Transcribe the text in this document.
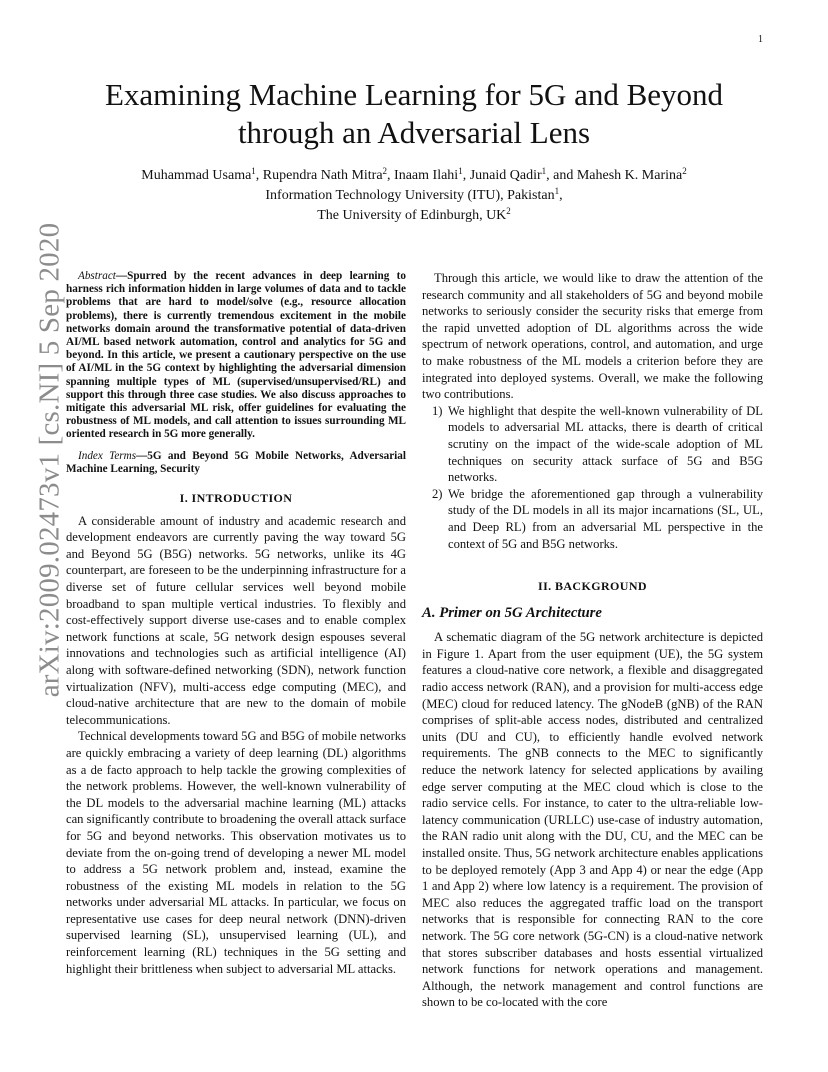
1
arXiv:2009.02473v1 [cs.NI] 5 Sep 2020
Examining Machine Learning for 5G and Beyond
through an Adversarial Lens
Muhammad Usama$^1$, Rupendra Nath Mitra$^2$, Inaam Ilahi$^1$, Junaid Qadir$^1$, and Mahesh K. Marina$^2$
Information Technology University (ITU), Pakistan$^1$,
The University of Edinburgh, $UK^2$

Abstract—Spurred by the recent advances in deep learning to harness rich information hidden in large volumes of data and to tackle problems that are hard to model/solve (e.g., resource allocation problems), there is currently tremendous excitement in the mobile networks domain around the transformative potential of data-driven AI/ML based network automation, control and analytics for 5G and beyond. In this article, we present a cautionary perspective on the use of AI/ML in the 5G context by highlighting the adversarial dimension spanning multiple types of ML (supervised/unsupervised/RL) and support this through three case studies. We also discuss approaches to mitigate this adversarial ML risk, offer guidelines for evaluating the robustness of ML models, and call attention to issues surrounding ML oriented research in 5G more generally.

Index Terms—5G and Beyond 5G Mobile Networks, Adversarial Machine Learning, Security

I. INTRODUCTION

A considerable amount of industry and academic research and development endeavors are currently paving the way toward 5G and Beyond 5G (B5G) networks. 5G networks, unlike its 4G counterpart, are foreseen to be the underpinning infrastructure for a diverse set of future cellular services well beyond mobile broadband to span multiple vertical industries. To flexibly and cost-effectively support diverse use-cases and to enable complex network functions at scale, 5G network design espouses several innovations and technologies such as artificial intelligence (AI) along with software-defined networking (SDN), network function virtualization (NFV), multi-access edge computing (MEC), and cloud-native architecture that are new to the domain of mobile telecommunications.

Technical developments toward 5G and B5G of mobile networks are quickly embracing a variety of deep learning (DL) algorithms as a de facto approach to help tackle the growing complexities of the network problems. However, the well-known vulnerability of the DL models to the adversarial machine learning (ML) attacks can significantly contribute to broadening the overall attack surface for 5G and beyond networks. This observation motivates us to deviate from the on-going trend of developing a newer ML model to address a 5G network problem and, instead, examine the robustness of the existing ML models in relation to the 5G networks under adversarial ML attacks. In particular, we focus on representative use cases for deep neural network (DNN)-driven supervised learning (SL), unsupervised learning (UL), and reinforcement learning (RL) techniques in the 5G setting and highlight their brittleness when subject to adversarial ML attacks.

Through this article, we would like to draw the attention of the research community and all stakeholders of 5G and beyond mobile networks to seriously consider the security risks that emerge from the rapid unvetted adoption of DL algorithms across the wide spectrum of network operations, control, and automation, and urge to make robustness of the ML models a criterion before they are integrated into deployed systems. Overall, we make the following two contributions.

1) We highlight that despite the well-known vulnerability of DL models to adversarial ML attacks, there is dearth of critical scrutiny on the impact of the wide-scale adoption of ML techniques on security attack surface of 5G and B5G networks.
2) We bridge the aforementioned gap through a vulnerability study of the DL models in all its major incarnations (SL, UL, and Deep RL) from an adversarial ML perspective in the context of 5G and B5G networks.
II. BACKGROUND
A. Primer on 5G Architecture

A schematic diagram of the 5G network architecture is depicted in Figure 1. Apart from the user equipment (UE), the 5G system features a cloud-native core network, a flexible and disaggregated radio access network (RAN), and a provision for multi-access edge (MEC) cloud for reduced latency. The gNodeB (gNB) of the RAN comprises of split-able access nodes, distributed and centralized units (DU and CU), to efficiently handle evolved network requirements. The gNB connects to the MEC to significantly reduce the network latency for selected applications by availing edge server computing at the MEC cloud which is close to the radio service cells. For instance, to cater to the ultra-reliable low-latency communication (URLLC) use-case of industry automation, the RAN radio unit along with the DU, CU, and the MEC can be installed onsite. Thus, 5G network architecture enables applications to be deployed remotely (App 3 and App 4) or near the edge (App 1 and App 2) where low latency is a requirement. The provision of MEC also reduces the aggregated traffic load on the transport networks that is responsible for connecting RAN to the core network. The 5G core network (5G-CN) is a cloud-native network that stores subscriber databases and hosts essential virtualized network functions for network operations and management. Although, the network management and control functions are shown to be co-located with the core
